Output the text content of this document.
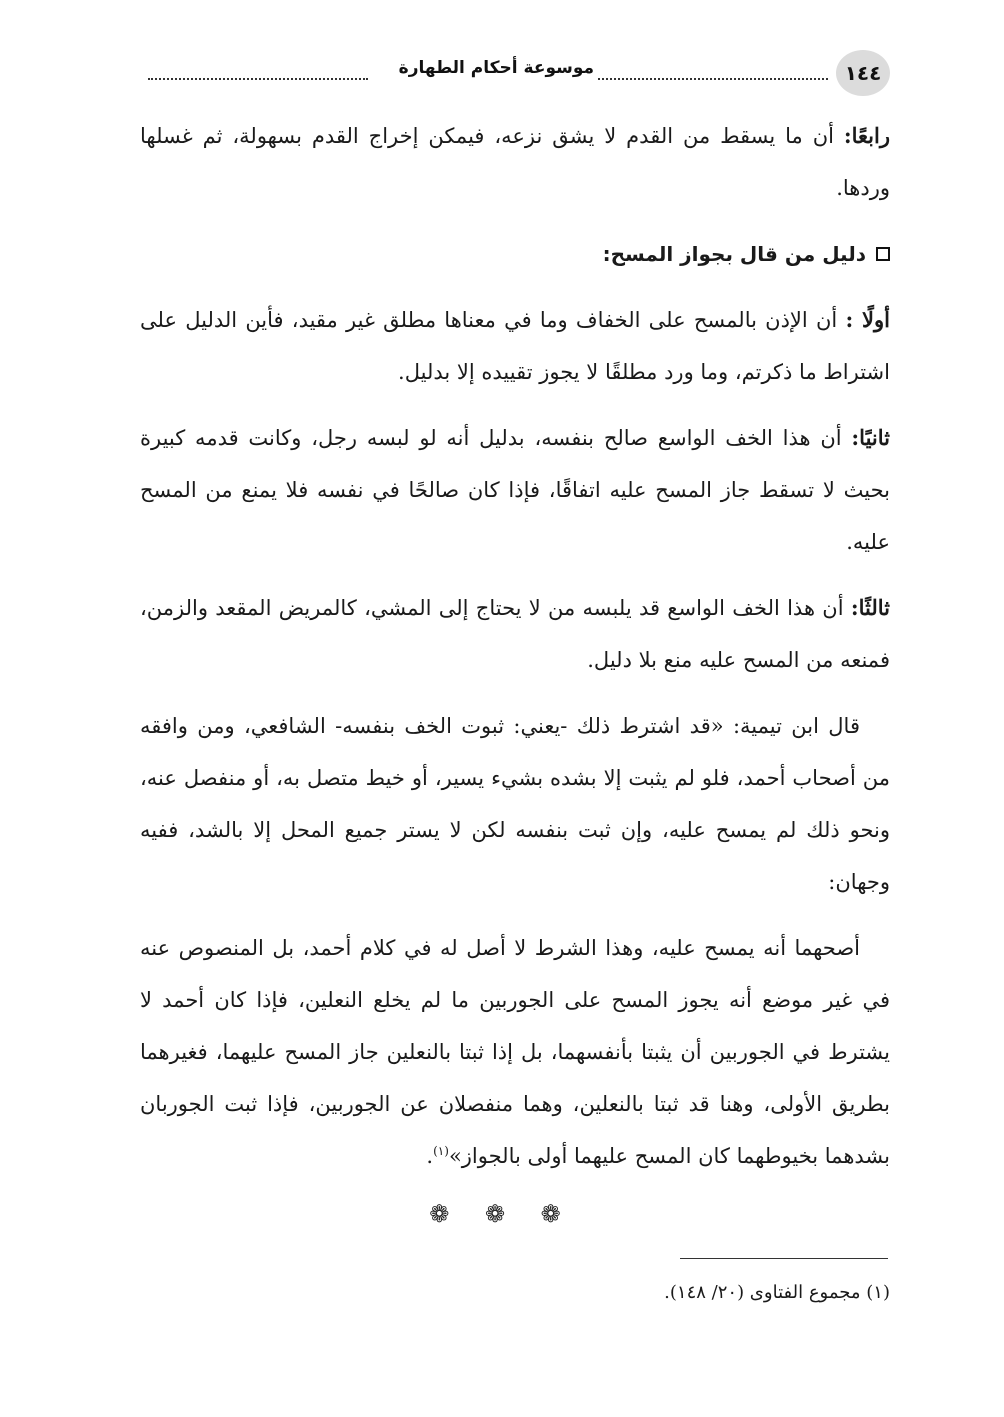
١٤٤
موسوعة أحكام الطهارة

رابعًا: أن ما يسقط من القدم لا يشق نزعه، فيمكن إخراج القدم بسهولة، ثم غسلها وردها.

دليل من قال بجواز المسح:

أولًا : أن الإذن بالمسح على الخفاف وما في معناها مطلق غير مقيد، فأين الدليل على اشتراط ما ذكرتم، وما ورد مطلقًا لا يجوز تقييده إلا بدليل.

ثانيًا: أن هذا الخف الواسع صالح بنفسه، بدليل أنه لو لبسه رجل، وكانت قدمه كبيرة بحيث لا تسقط جاز المسح عليه اتفاقًا، فإذا كان صالحًا في نفسه فلا يمنع من المسح عليه.

ثالثًا: أن هذا الخف الواسع قد يلبسه من لا يحتاج إلى المشي، كالمريض المقعد والزمن، فمنعه من المسح عليه منع بلا دليل.

قال ابن تيمية: «قد اشترط ذلك -يعني: ثبوت الخف بنفسه- الشافعي، ومن وافقه من أصحاب أحمد، فلو لم يثبت إلا بشده بشيء يسير، أو خيط متصل به، أو منفصل عنه، ونحو ذلك لم يمسح عليه، وإن ثبت بنفسه لكن لا يستر جميع المحل إلا بالشد، ففيه وجهان:

أصحهما أنه يمسح عليه، وهذا الشرط لا أصل له في كلام أحمد، بل المنصوص عنه في غير موضع أنه يجوز المسح على الجوربين ما لم يخلع النعلين، فإذا كان أحمد لا يشترط في الجوربين أن يثبتا بأنفسهما، بل إذا ثبتا بالنعلين جاز المسح عليهما، فغيرهما بطريق الأولى، وهنا قد ثبتا بالنعلين، وهما منفصلان عن الجوربين، فإذا ثبت الجوربان بشدهما بخيوطهما كان المسح عليهما أولى بالجواز»$^{(١)}$.

❁ ❁ ❁
(١) مجموع الفتاوى (٢٠/ ١٤٨).
